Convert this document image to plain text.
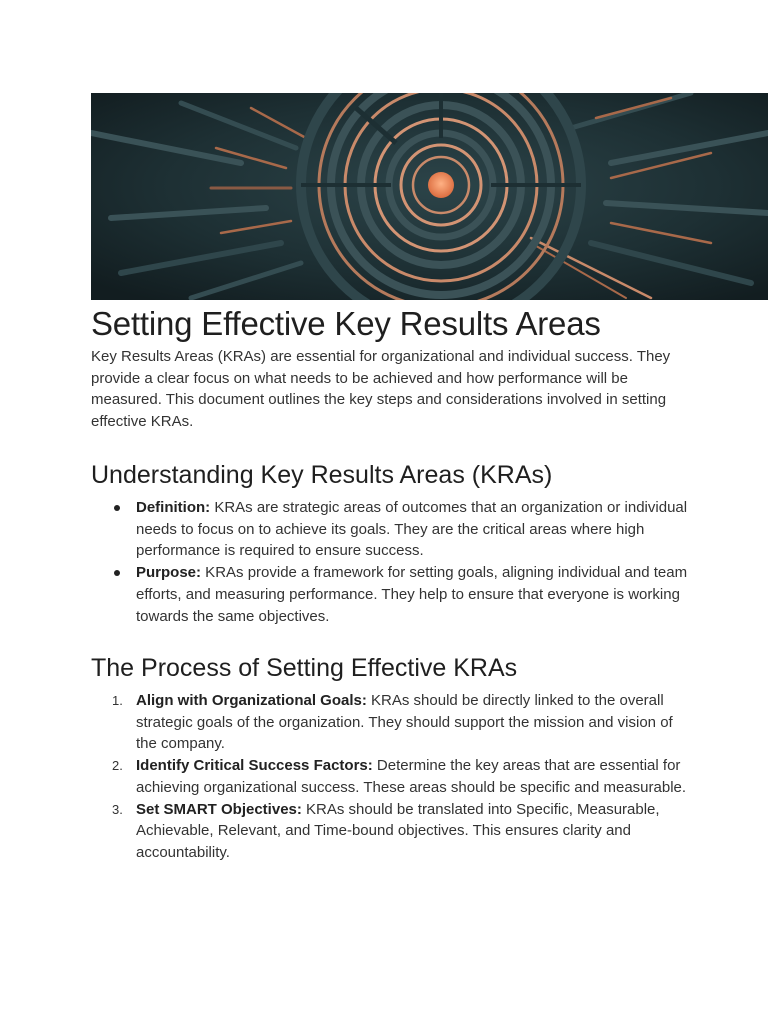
Setting Effective Key Results Areas

Key Results Areas (KRAs) are essential for organizational and individual success. They provide a clear focus on what needs to be achieved and how performance will be measured. This document outlines the key steps and considerations involved in setting effective KRAs.

Understanding Key Results Areas (KRAs)
Definition: KRAs are strategic areas of outcomes that an organization or individual needs to focus on to achieve its goals. They are the critical areas where high performance is required to ensure success.
Purpose: KRAs provide a framework for setting goals, aligning individual and team efforts, and measuring performance. They help to ensure that everyone is working towards the same objectives.
The Process of Setting Effective KRAs
1. Align with Organizational Goals: KRAs should be directly linked to the overall strategic goals of the organization. They should support the mission and vision of the company.
2. Identify Critical Success Factors: Determine the key areas that are essential for achieving organizational success. These areas should be specific and measurable.
3. Set SMART Objectives: KRAs should be translated into Specific, Measurable, Achievable, Relevant, and Time-bound objectives. This ensures clarity and accountability.
